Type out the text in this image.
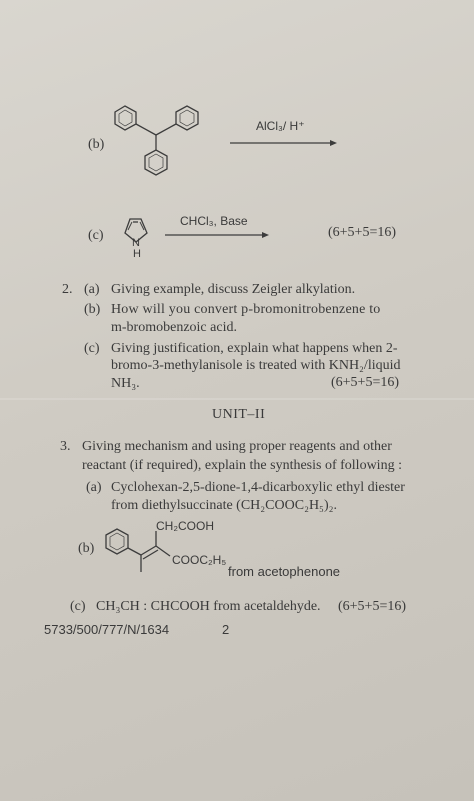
(b)
AlCl₃/ H⁺
(c)	N
H
CHCl₃, Base
(6+5+5=16)
2. (a) Giving example, discuss Zeigler alkylation.
(b) How will you convert p-bromonitrobenzene to
m-bromobenzoic acid.
(c) Giving justification, explain what happens when 2-
bromo-3-methylanisole is treated with KNH₂/liquid
NH₃.	(6+5+5=16)
UNIT–II
3. Giving mechanism and using proper reagents and other
reactant (if required), explain the synthesis of following :
(a) Cyclohexan-2,5-dione-1,4-dicarboxylic ethyl diester
from diethylsuccinate (CH₂COOC₂H₅)₂.
(b)
CH₂COOH
COOC₂H₅
from acetophenone
(c) CH₃CH : CHCOOH from acetaldehyde. (6+5+5=16)
5733/500/777/N/1634	2
